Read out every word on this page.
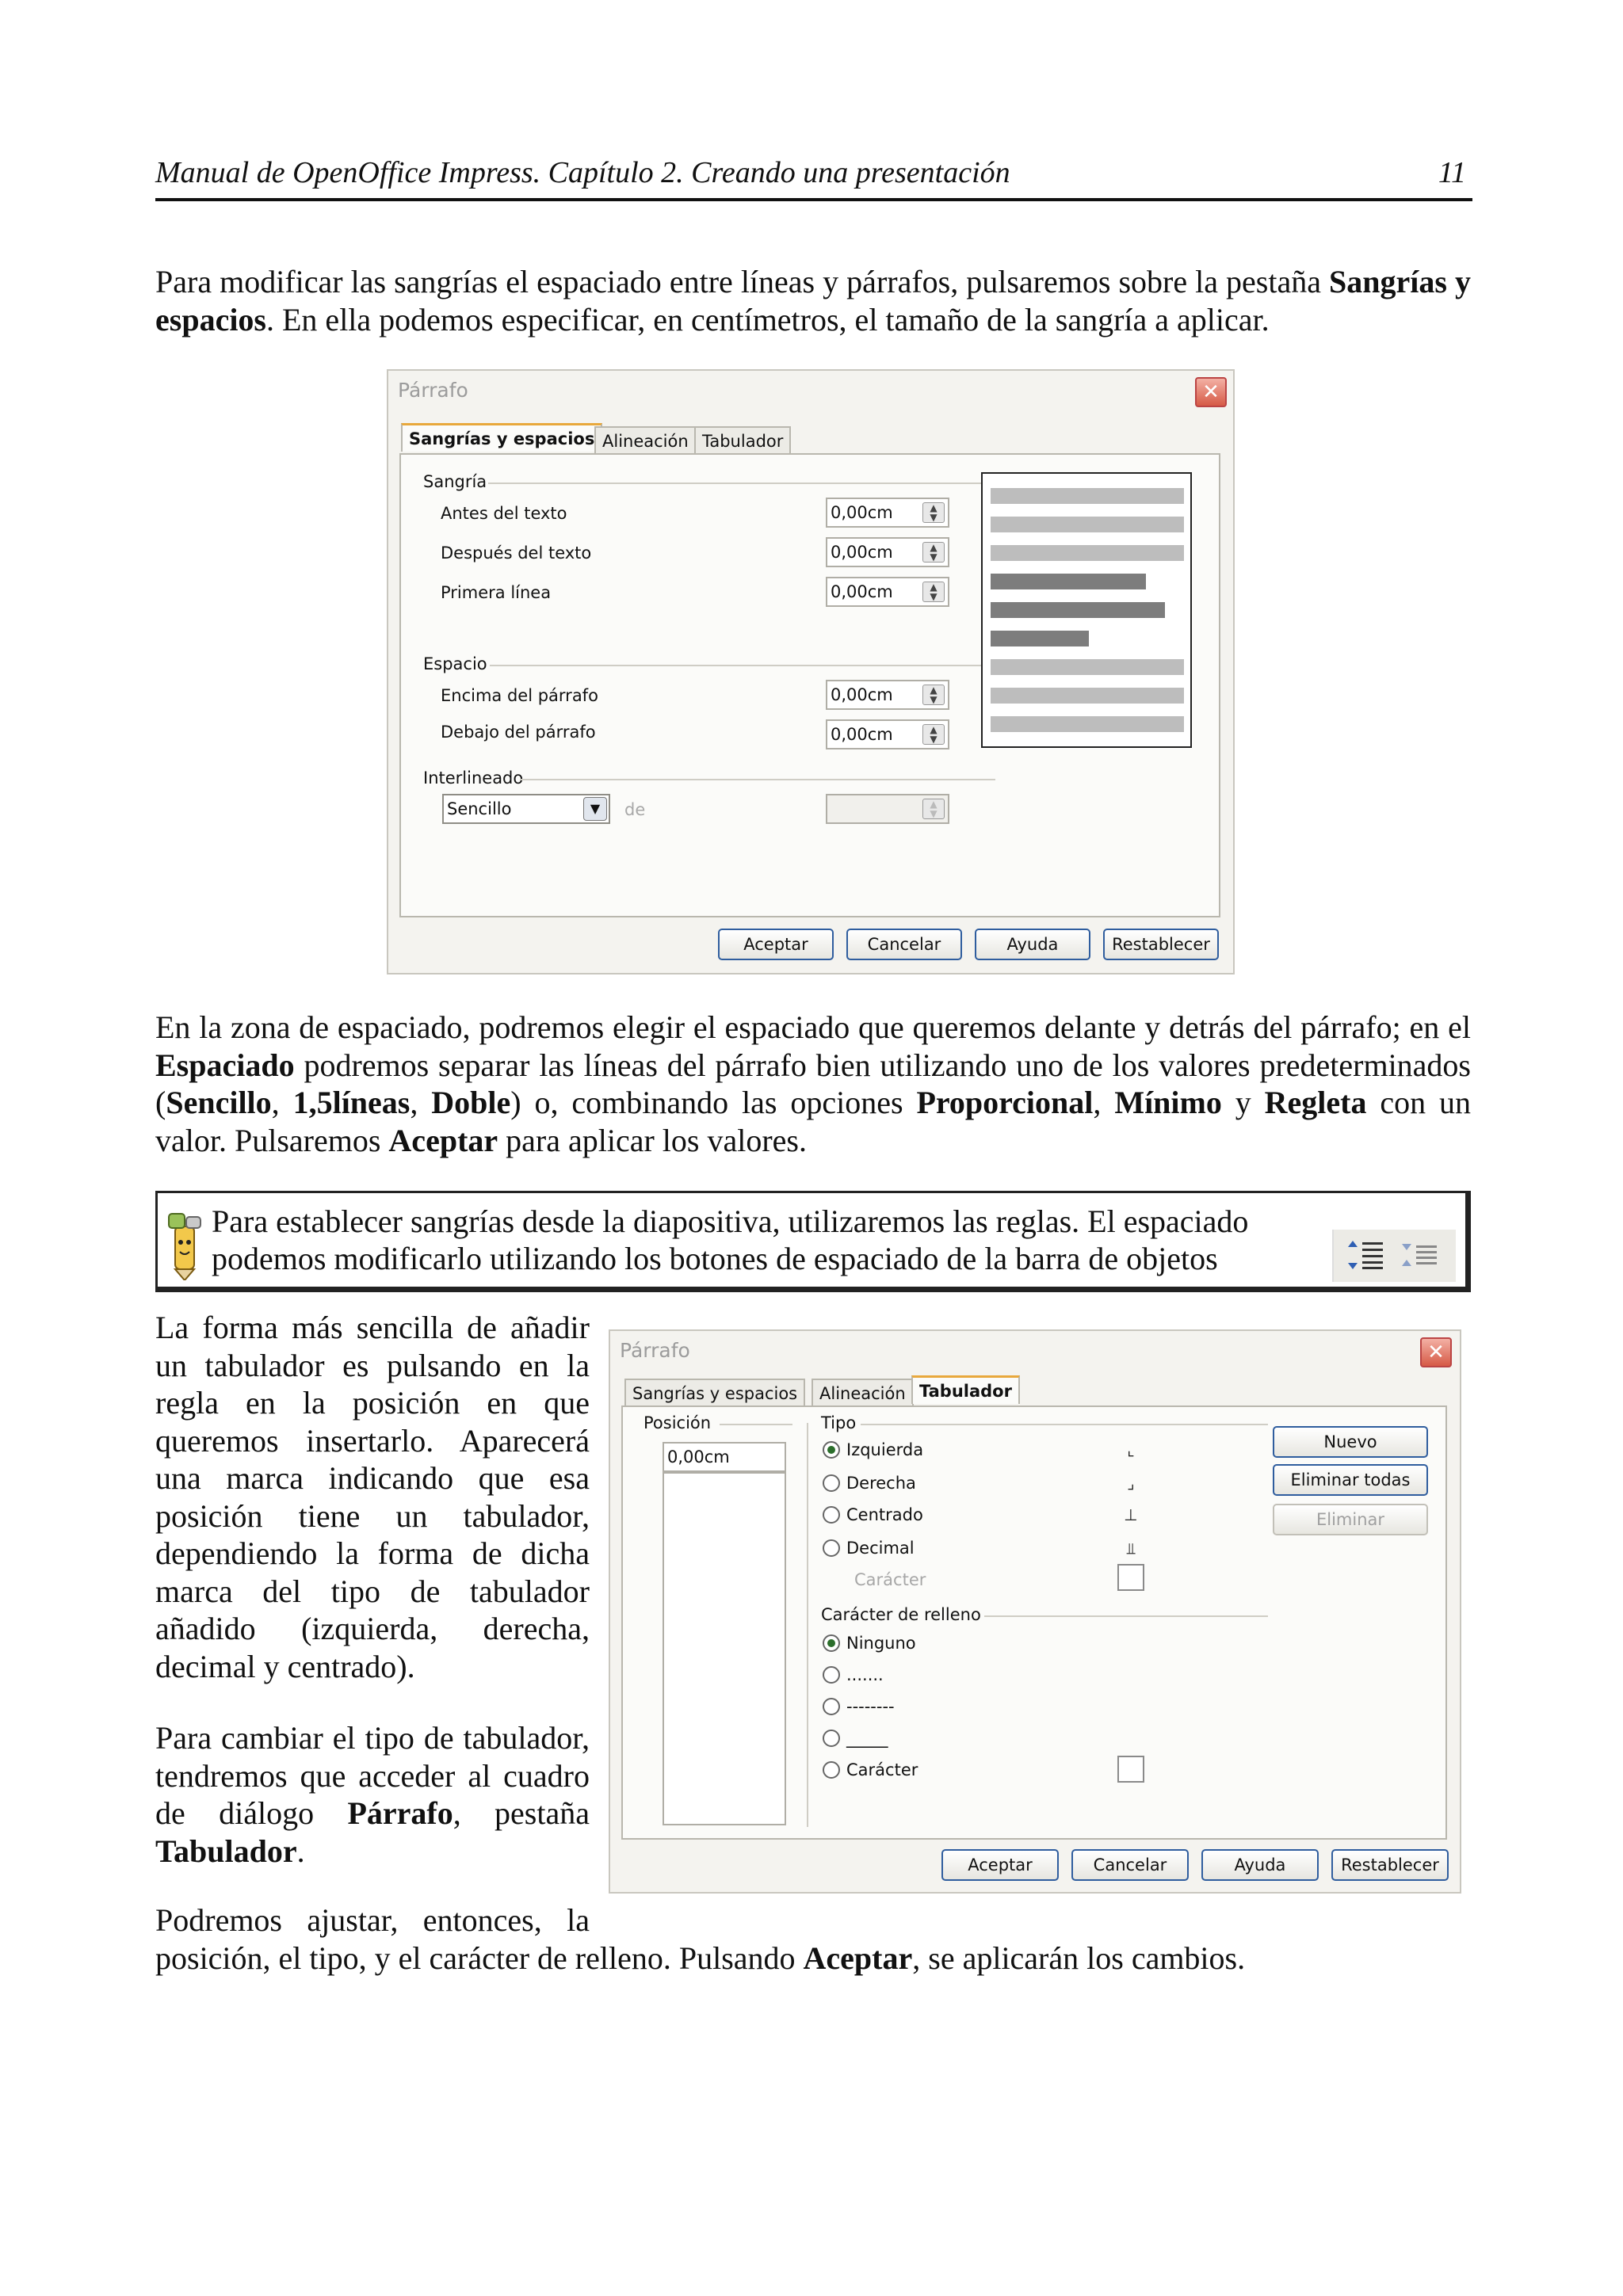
Manual de OpenOffice Impress. Capítulo 2. Creando una presentación	11
Para modificar las sangrías el espaciado entre líneas y párrafos, pulsaremos sobre la pestaña Sangrías y espacios. En ella podemos especificar, en centímetros, el tamaño de la sangría a aplicar.
Párrafo	✕
Sangrías y espacios Alineación Tabulador
Sangría
Antes del texto	0,00cm	▲
▼
Después del texto	0,00cm	▲
▼
Primera línea	0,00cm	▲
▼
Espacio
Encima del párrafo	0,00cm	▲
▼
Debajo del párrafo	0,00cm	▲
▼
Interlineado
Sencillo	▼	de	▲
▼
Aceptar	Cancelar	Ayuda	Restablecer
En la zona de espaciado, podremos elegir el espaciado que queremos delante y detrás del párrafo; en el Espaciado podremos separar las líneas del párrafo bien utilizando uno de los valores predeterminados (Sencillo, 1,5líneas, Doble) o, combinando las opciones Proporcional, Mínimo y Regleta con un valor. Pulsaremos Aceptar para aplicar los valores.
Para establecer sangrías desde la diapositiva, utilizaremos las reglas. El espaciado podemos modificarlo utilizando los botones de espaciado de la barra de objetos
La forma más sencilla de añadir un tabulador es pulsando en la regla en la posición en que queremos insertarlo. Aparecerá una marca indicando que esa posición tiene un tabulador, dependiendo la forma de dicha marca del tipo de tabulador añadido (izquierda, derecha, decimal y centrado).
Para cambiar el tipo de tabulador, tendremos que acceder al cuadro de diálogo Párrafo, pestaña Tabulador.
Podremos ajustar, entonces, la
posición, el tipo, y el carácter de relleno. Pulsando Aceptar, se aplicarán los cambios.
Párrafo	✕
Sangrías y espacios	Alineación Tabulador
Posición
0,00cm
Tipo
Izquierda	⌞
Derecha	⌟
Centrado	⊥
Decimal	⫫
Carácter
Carácter de relleno
Ninguno
.......
--------
_____
Carácter
Nuevo
Eliminar todas
Eliminar
Aceptar	Cancelar	Ayuda	Restablecer
